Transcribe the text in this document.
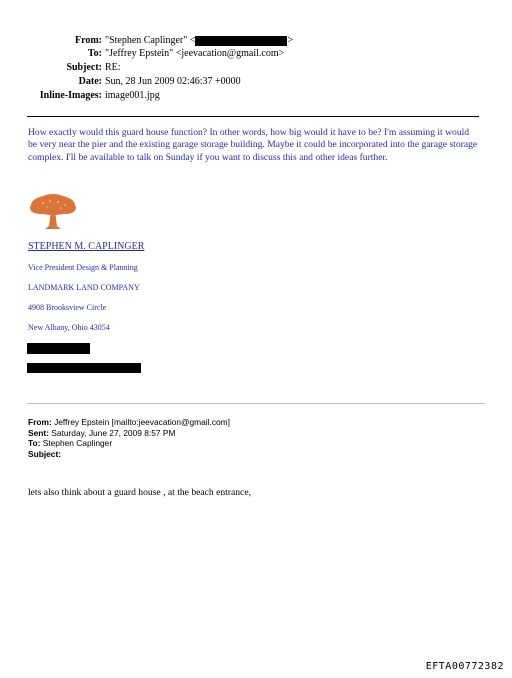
From: "Stephen Caplinger" <	>
To: "Jeffrey Epstein" <jeevacation@gmail.com>
Subject: RE:
Date: Sun, 28 Jun 2009 02:46:37 +0000
Inline-Images: image001.jpg
How exactly would this guard house function? In other words, how big would it have to be? I'm assuming it would be very near the pier and the existing garage storage building. Maybe it could be incorporated into the garage storage complex. I'll be available to talk on Sunday if you want to discuss this and other ideas further.
STEPHEN M. CAPLINGER
Vice President Design & Planning
LANDMARK LAND COMPANY
4908 Brooksview Circle
New Albany, Ohio 43054
From: Jeffrey Epstein [mailto:jeevacation@gmail.com]
Sent: Saturday, June 27, 2009 8:57 PM
To: Stephen Caplinger
Subject:
lets also think about a guard house , at the beach entrance,
EFTA00772382
